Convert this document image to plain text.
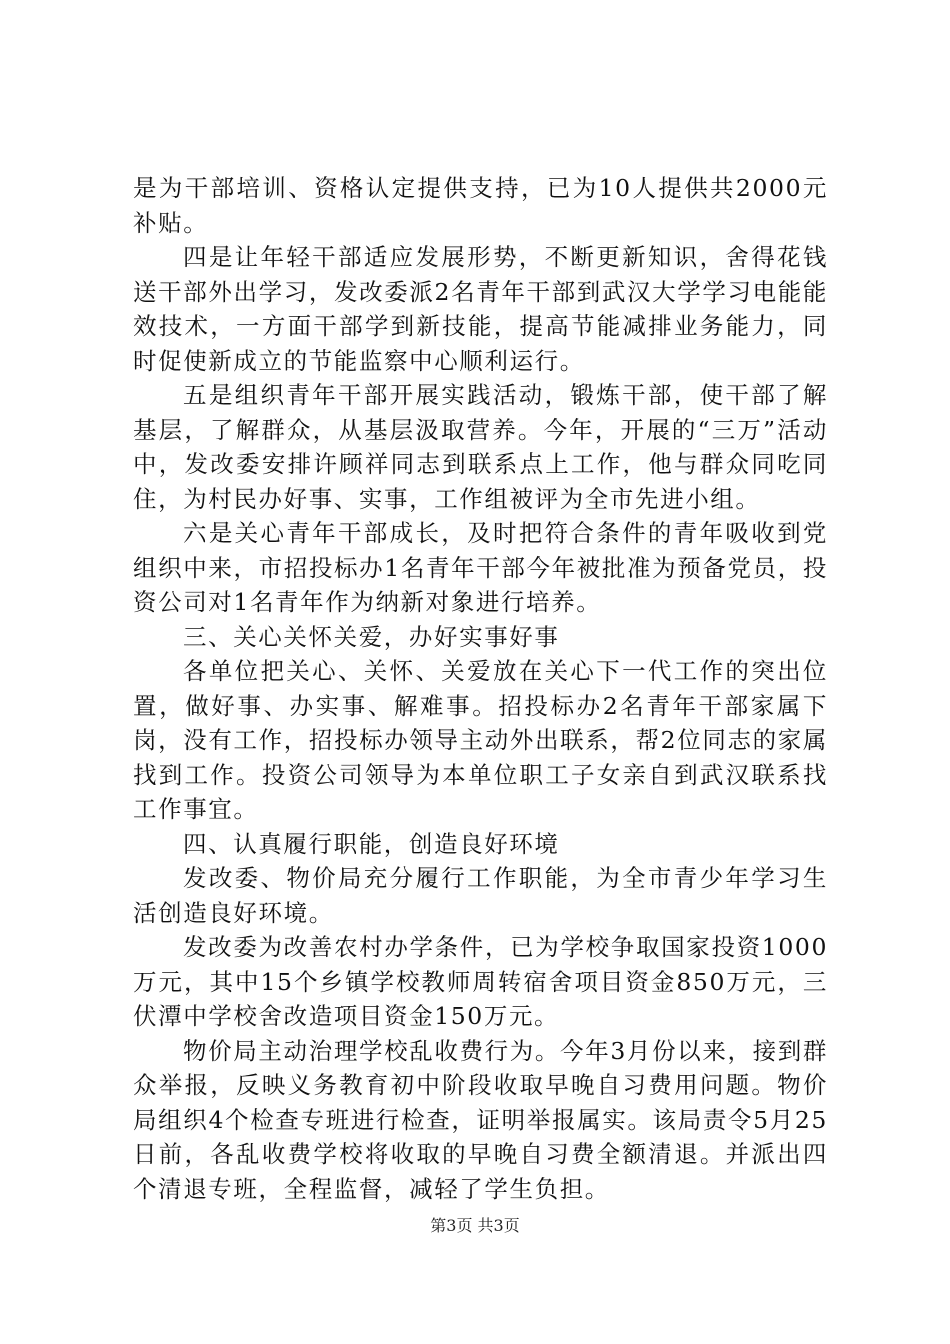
是为干部培训、资格认定提供支持，已为10人提供共2000元补贴。

四是让年轻干部适应发展形势，不断更新知识，舍得花钱送干部外出学习，发改委派2名青年干部到武汉大学学习电能能效技术，一方面干部学到新技能，提高节能减排业务能力，同时促使新成立的节能监察中心顺利运行。

五是组织青年干部开展实践活动，锻炼干部，使干部了解基层，了解群众，从基层汲取营养。今年，开展的“三万”活动中，发改委安排许顾祥同志到联系点上工作，他与群众同吃同住，为村民办好事、实事，工作组被评为全市先进小组。

六是关心青年干部成长，及时把符合条件的青年吸收到党组织中来，市招投标办1名青年干部今年被批准为预备党员，投资公司对1名青年作为纳新对象进行培养。

三、关心关怀关爱，办好实事好事

各单位把关心、关怀、关爱放在关心下一代工作的突出位置，做好事、办实事、解难事。招投标办2名青年干部家属下岗，没有工作，招投标办领导主动外出联系，帮2位同志的家属找到工作。投资公司领导为本单位职工子女亲自到武汉联系找工作事宜。

四、认真履行职能，创造良好环境

发改委、物价局充分履行工作职能，为全市青少年学习生活创造良好环境。

发改委为改善农村办学条件，已为学校争取国家投资1000万元，其中15个乡镇学校教师周转宿舍项目资金850万元，三伏潭中学校舍改造项目资金150万元。

物价局主动治理学校乱收费行为。今年3月份以来，接到群众举报，反映义务教育初中阶段收取早晚自习费用问题。物价局组织4个检查专班进行检查，证明举报属实。该局责令5月25日前，各乱收费学校将收取的早晚自习费全额清退。并派出四个清退专班，全程监督，减轻了学生负担。

第3页 共3页
